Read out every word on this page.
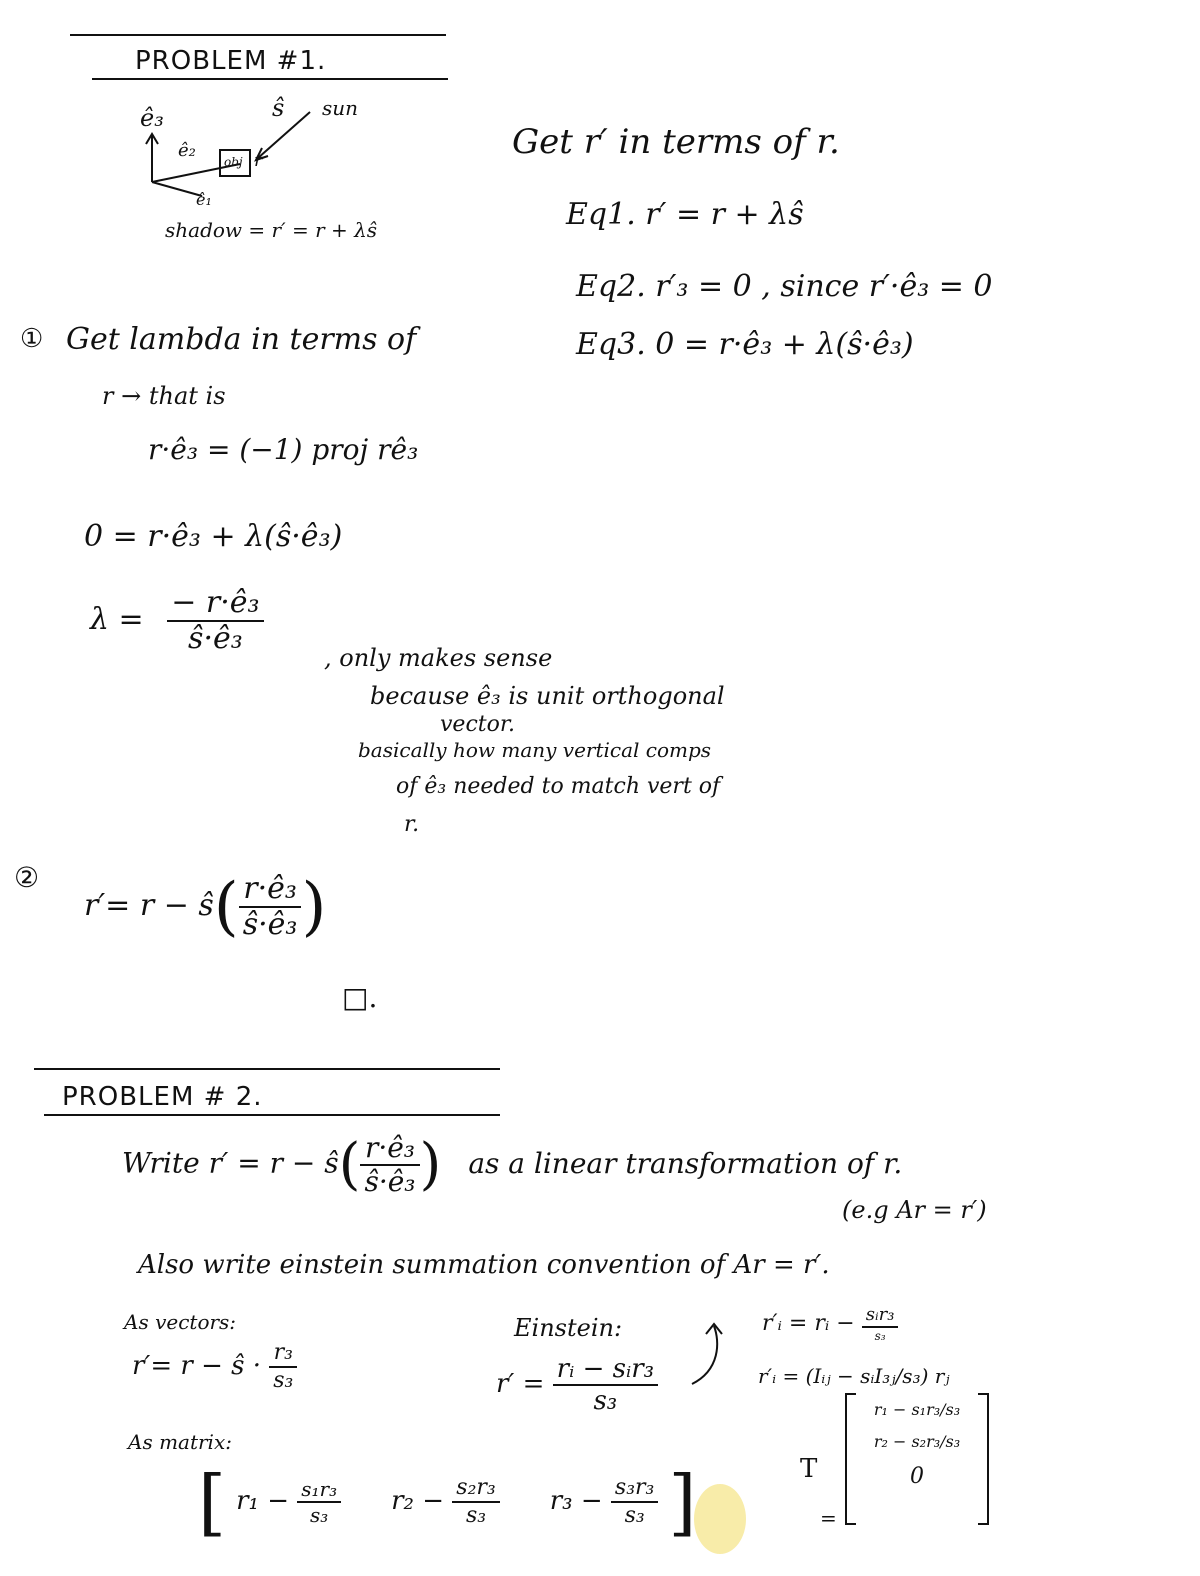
PROBLEM #1.
ê₃	ŝ sun
ê₂
obj r
ê₁
shadow = r′ = r + λŝ
Get r′ in terms of r.
Eq1. r′ = r + λŝ
Eq2. r′₃ = 0 , since r′·ê₃ = 0
Eq3. 0 = r·ê₃ + λ(ŝ·ê₃)
① Get lambda in terms of
r → that is
r·ê₃ = (−1) proj rê₃
0 = r·ê₃ + λ(ŝ·ê₃)
$\lambda = \frac{\text{− r·ê₃}}{\text{ŝ·ê₃}}$
, only makes sense
because ê₃ is unit orthogonal
vector.
basically how many vertical comps
of ê₃ needed to match vert of
r.
②
r′= r − ŝ( $\frac{\text{r·ê₃}}{\text{ŝ·ê₃}}$ )
□.
PROBLEM # 2.
Write r′ = r − ŝ( $\frac{\text{r·ê₃}}{\text{ŝ·ê₃}}$ ) as a linear transformation of r.
(e.g Ar = r′)
Also write einstein summation convention of Ar = r′.
As vectors:
r′= r − ŝ · $\frac{\text{r₃}}{\text{s₃}}$
Einstein:
$r' = \frac{\text{rᵢ − sᵢr₃}}{\text{s₃}}$
r′ᵢ = rᵢ − $\frac{\text{sᵢr₃}}{\text{s₃}}$
r′ᵢ = (Iᵢⱼ − sᵢI₃ⱼ/s₃) rⱼ
As matrix:
[ $r_1 - \frac{\text{s₁r₃}}{\text{s₃}} r_2 - \frac{\text{s₂r₃}}{\text{s₃}} r_3 - \frac{\text{s₃r₃}}{\text{s₃}}$ ]	T
=
r₁ − s₁r₃/s₃
r₂ − s₂r₃/s₃
0
